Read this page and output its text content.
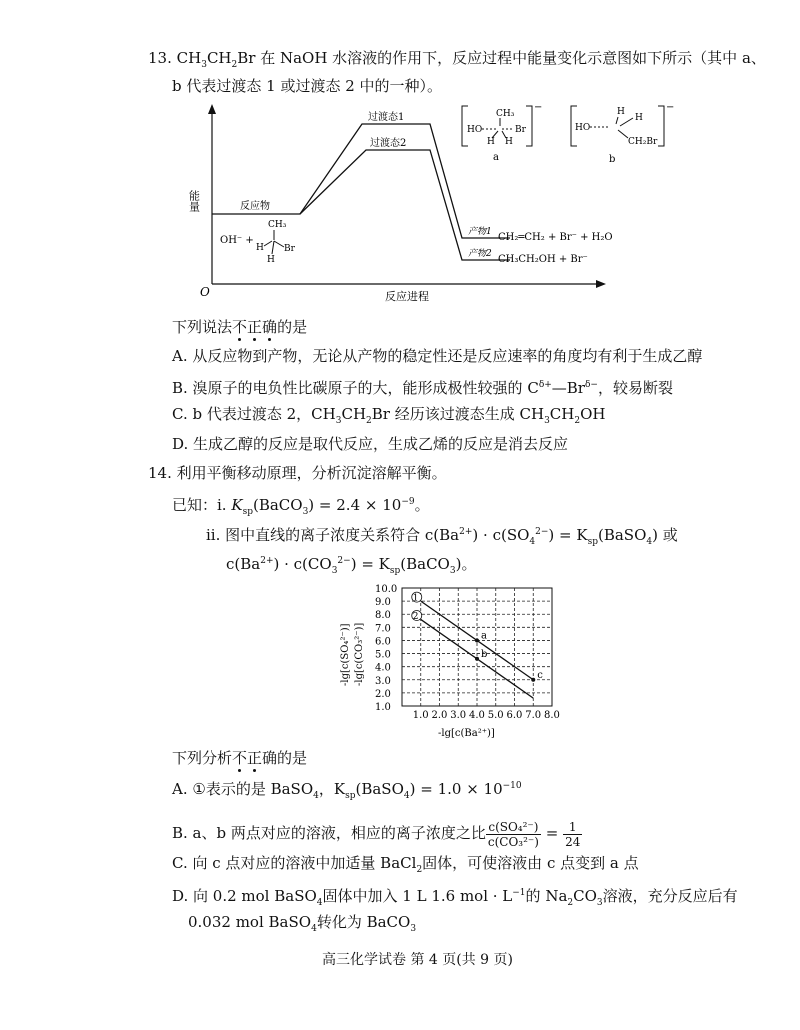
13. $CH_3CH_2Br$ 在 NaOH 水溶液的作用下，反应过程中能量变化示意图如下所示（其中 a、
b 代表过渡态 1 或过渡态 2 中的一种）。
能量
O	反应进程
反应物
过渡态1
过渡态2
产物1
产物2
CH₂═CH₂ + Br⁻ + H₂O
CH₃CH₂OH + Br⁻
OH⁻ +
CH₃
H Br
H
−
CH₃
HO	Br
H H
a
−
H
H
HO
CH₂Br
b
下列说法不正确的是
A. 从反应物到产物，无论从产物的稳定性还是反应速率的角度均有利于生成乙醇
B. 溴原子的电负性比碳原子的大，能形成极性较强的 $C^{\delta+}—Br^{\delta-}$，较易断裂
C. b 代表过渡态 2，$CH_3CH_2Br$ 经历该过渡态生成 $CH_3CH_2OH$
D. 生成乙醇的反应是取代反应，生成乙烯的反应是消去反应
14. 利用平衡移动原理，分析沉淀溶解平衡。
已知：i. $K_{sp}(BaCO_3) = 2.4 \times 10^{-9}$。
ii. 图中直线的离子浓度关系符合 $c(Ba^{2+}) \cdot c(SO_4^{2-})$ = $K_{sp}(BaSO_4)$ 或
$c(Ba^{2+}) \cdot c(CO_3^{2-})$ = $K_{sp}(BaCO_3)$。
1.0 2.0 3.0 4.0 5.0 6.0 7.0 8.0
1.0
2.0
3.0
4.0
5.0
6.0
7.0
8.0
9.0
10.0
1
2
a
b
c
-lg[c(Ba²⁺)]
-lg[c(SO₄²⁻)] -lg[c(CO₃²⁻)]
下列分析不正确的是
A. ①表示的是 BaSO$_4$，$K_{sp}(BaSO_4) = 1.0 \times 10^{-10}$
B. a、b 两点对应的溶液，相应的离子浓度之比 $\frac{\text{c(SO₄²⁻)}}{\text{c(CO₃²⁻)}} = \frac{1}{24}$
C. 向 c 点对应的溶液中加适量 BaCl$_2$固体，可使溶液由 c 点变到 a 点
D. 向 0.2 mol BaSO$_4$固体中加入 1 L 1.6 mol · $L^{-1}$的 $Na_2CO_3$溶液，充分反应后有
0.032 mol BaSO$_4$转化为 BaCO$_3$
高三化学试卷 第 4 页(共 9 页)
